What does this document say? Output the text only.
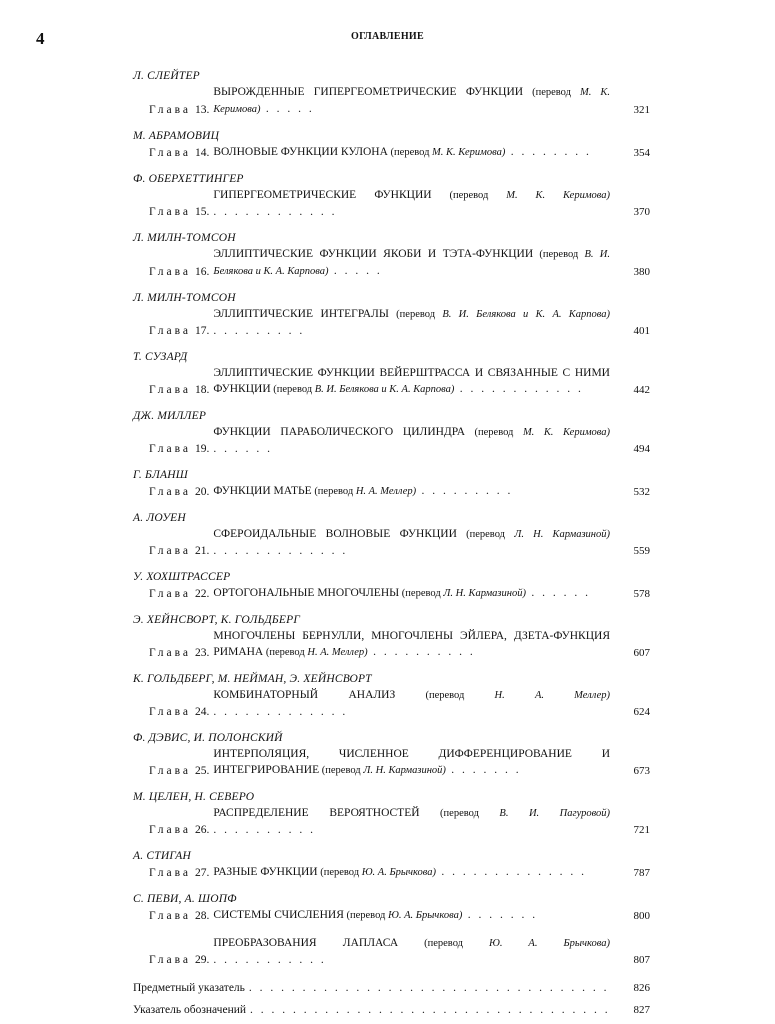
4	ОГЛАВЛЕНИЕ
Л. СЛЕЙТЕР
Глава 13.
ВЫРОЖДЕННЫЕ ГИПЕРГЕОМЕТРИЧЕСКИЕ ФУНКЦИИ (перевод М. К. Керимова) . . . . .	321
М. АБРАМОВИЦ
Глава 14. ВОЛНОВЫЕ ФУНКЦИИ КУЛОНА (перевод М. К. Керимова) . . . . . . . .	354
Ф. ОБЕРХЕТТИНГЕР
Глава 15.
ГИПЕРГЕОМЕТРИЧЕСКИЕ ФУНКЦИИ (перевод М. К. Керимова) . . . . . . . . . . . .	370
Л. МИЛН-ТОМСОН
Глава 16.
ЭЛЛИПТИЧЕСКИЕ ФУНКЦИИ ЯКОБИ И ТЭТА-ФУНКЦИИ (перевод В. И. Белякова и К. А. Карпова) . . . . .	380
Л. МИЛН-ТОМСОН
Глава 17.
ЭЛЛИПТИЧЕСКИЕ ИНТЕГРАЛЫ (перевод В. И. Белякова и К. А. Карпова) . . . . . . . . .	401
Т. СУЗАРД
Глава 18.
ЭЛЛИПТИЧЕСКИЕ ФУНКЦИИ ВЕЙЕРШТРАССА И СВЯЗАННЫЕ С НИМИ ФУНКЦИИ (перевод В. И. Белякова и К. А. Карпова) . . . . . . . . . . . .	442
ДЖ. МИЛЛЕР
Глава 19.
ФУНКЦИИ ПАРАБОЛИЧЕСКОГО ЦИЛИНДРА (перевод М. К. Керимова) . . . . . .	494
Г. БЛАНШ
Глава 20. ФУНКЦИИ МАТЬЕ (перевод Н. А. Меллер) . . . . . . . . .	532
А. ЛОУЕН
Глава 21.
СФЕРОИДАЛЬНЫЕ ВОЛНОВЫЕ ФУНКЦИИ (перевод Л. Н. Кармазиной) . . . . . . . . . . . . .	559
У. ХОХШТРАССЕР
Глава 22. ОРТОГОНАЛЬНЫЕ МНОГОЧЛЕНЫ (перевод Л. Н. Кармазиной) . . . . . .	578
Э. ХЕЙНСВОРТ, К. ГОЛЬДБЕРГ
Глава 23.
МНОГОЧЛЕНЫ БЕРНУЛЛИ, МНОГОЧЛЕНЫ ЭЙЛЕРА, ДЗЕТА-ФУНКЦИЯ РИМАНА (перевод Н. А. Меллер) . . . . . . . . . .	607
К. ГОЛЬДБЕРГ, М. НЕЙМАН, Э. ХЕЙНСВОРТ
Глава 24.
КОМБИНАТОРНЫЙ АНАЛИЗ	(перевод	Н. А. Меллер) . . . . . . . . . . . . .	624
Ф. ДЭВИС, И. ПОЛОНСКИЙ
Глава 25.
ИНТЕРПОЛЯЦИЯ, ЧИСЛЕННОЕ ДИФФЕРЕНЦИРОВАНИЕ И ИНТЕГРИРОВАНИЕ (перевод Л. Н. Кармазиной) . . . . . . .	673
М. ЦЕЛЕН, Н. СЕВЕРО
Глава 26.
РАСПРЕДЕЛЕНИЕ ВЕРОЯТНОСТЕЙ (перевод В. И. Пагуровой) . . . . . . . . . .	721
А. СТИГАН
Глава 27. РАЗНЫЕ ФУНКЦИИ (перевод Ю. А. Брычкова) . . . . . . . . . . . . . .	787
С. ПЕВИ, А. ШОПФ
Глава 28. СИСТЕМЫ СЧИСЛЕНИЯ (перевод Ю. А. Брычкова) . . . . . . .	800
Глава 29.
ПРЕОБРАЗОВАНИЯ ЛАПЛАСА (перевод Ю. А. Брычкова) . . . . . . . . . . .	807
Предметный указатель . . .	826
Указатель обозначений . . .	827
